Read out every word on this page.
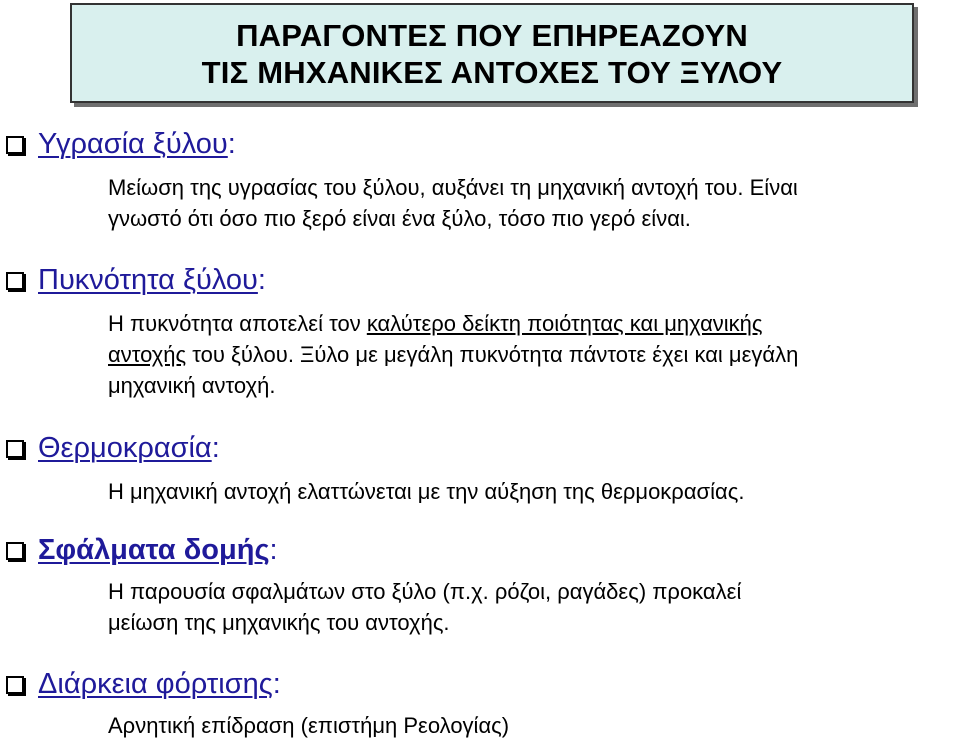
ΠΑΡΑΓΟΝΤΕΣ ΠΟΥ ΕΠΗΡΕΑΖΟΥΝ
ΤΙΣ ΜΗΧΑΝΙΚΕΣ ΑΝΤΟΧΕΣ ΤΟΥ ΞΥΛΟΥ
Υγρασία ξύλου:
Μείωση της υγρασίας του ξύλου, αυξάνει τη μηχανική αντοχή του. Είναι
γνωστό ότι όσο πιο ξερό είναι ένα ξύλο, τόσο πιο γερό είναι.
Πυκνότητα ξύλου:
Η πυκνότητα αποτελεί τον καλύτερο δείκτη ποιότητας και μηχανικής
αντοχής του ξύλου. Ξύλο με μεγάλη πυκνότητα πάντοτε έχει και μεγάλη
μηχανική αντοχή.
Θερμοκρασία:
Η μηχανική αντοχή ελαττώνεται με την αύξηση της θερμοκρασίας.
Σφάλματα δομής:
Η παρουσία σφαλμάτων στο ξύλο (π.χ. ρόζοι, ραγάδες) προκαλεί
μείωση της μηχανικής του αντοχής.
Διάρκεια φόρτισης:
Αρνητική επίδραση (επιστήμη Ρεολογίας)
